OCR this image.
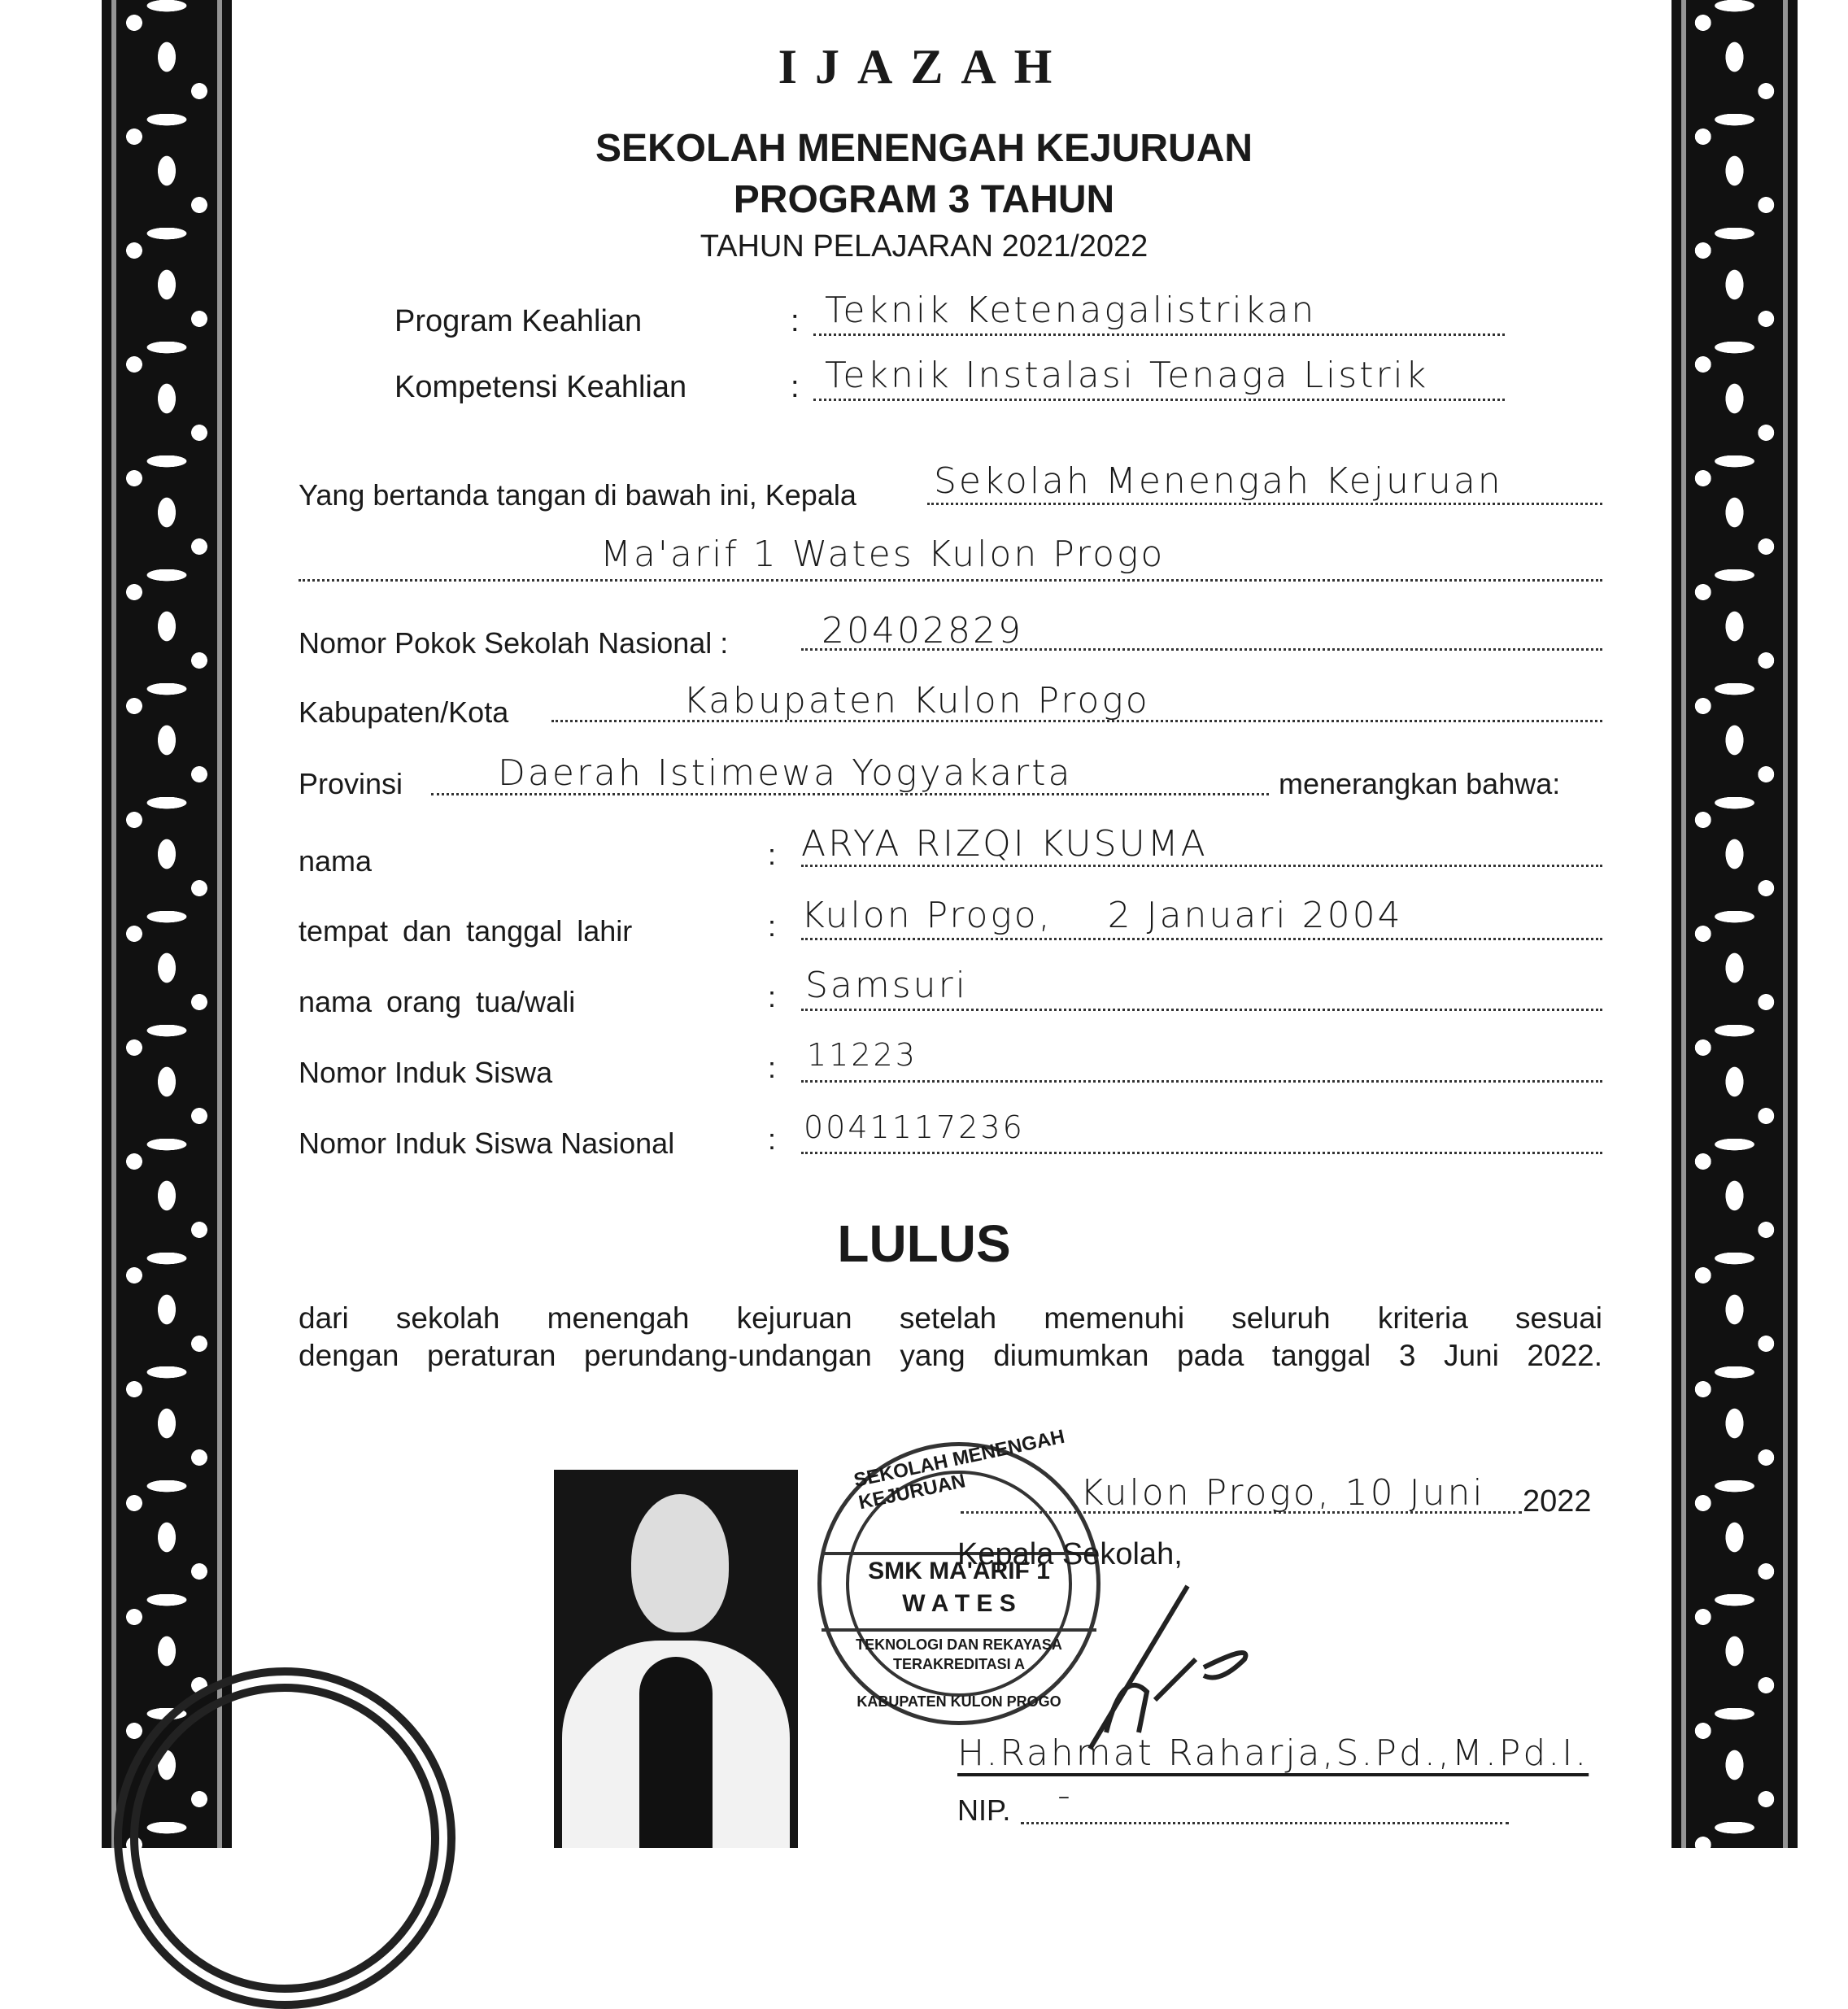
IJAZAH
SEKOLAH MENENGAH KEJURUAN
PROGRAM 3 TAHUN
TAHUN PELAJARAN 2021/2022
Program Keahlian	: Teknik Ketenagalistrikan
Kompetensi Keahlian	: Teknik Instalasi Tenaga Listrik
Yang bertanda tangan di bawah ini, Kepala Sekolah Menengah Kejuruan
Ma'arif 1 Wates Kulon Progo
Nomor Pokok Sekolah Nasional :	20402829
Kabupaten/Kota	Kabupaten Kulon Progo
Provinsi	Daerah Istimewa Yogyakarta	menerangkan bahwa:
nama	: ARYA RIZQI KUSUMA
tempat dan tanggal lahir	: Kulon Progo,    2 Januari 2004
nama orang tua/wali	: Samsuri
Nomor Induk Siswa	: 11223
Nomor Induk Siswa Nasional	: 0041117236
LULUS
dari sekolah menengah kejuruan setelah memenuhi seluruh kriteria sesuai
dengan peraturan perundang-undangan yang diumumkan pada tanggal 3 Juni 2022.
SEKOLAH MENENGAH KEJURUAN
SMK MA'ARIF 1
W A T E S
TEKNOLOGI DAN REKAYASA
TERAKREDITASI A
KABUPATEN KULON PROGO
Kulon Progo, 10 Juni 2022
Kepala Sekolah,
H.Rahmat Raharja,S.Pd.,M.Pd.I.
NIP. -
